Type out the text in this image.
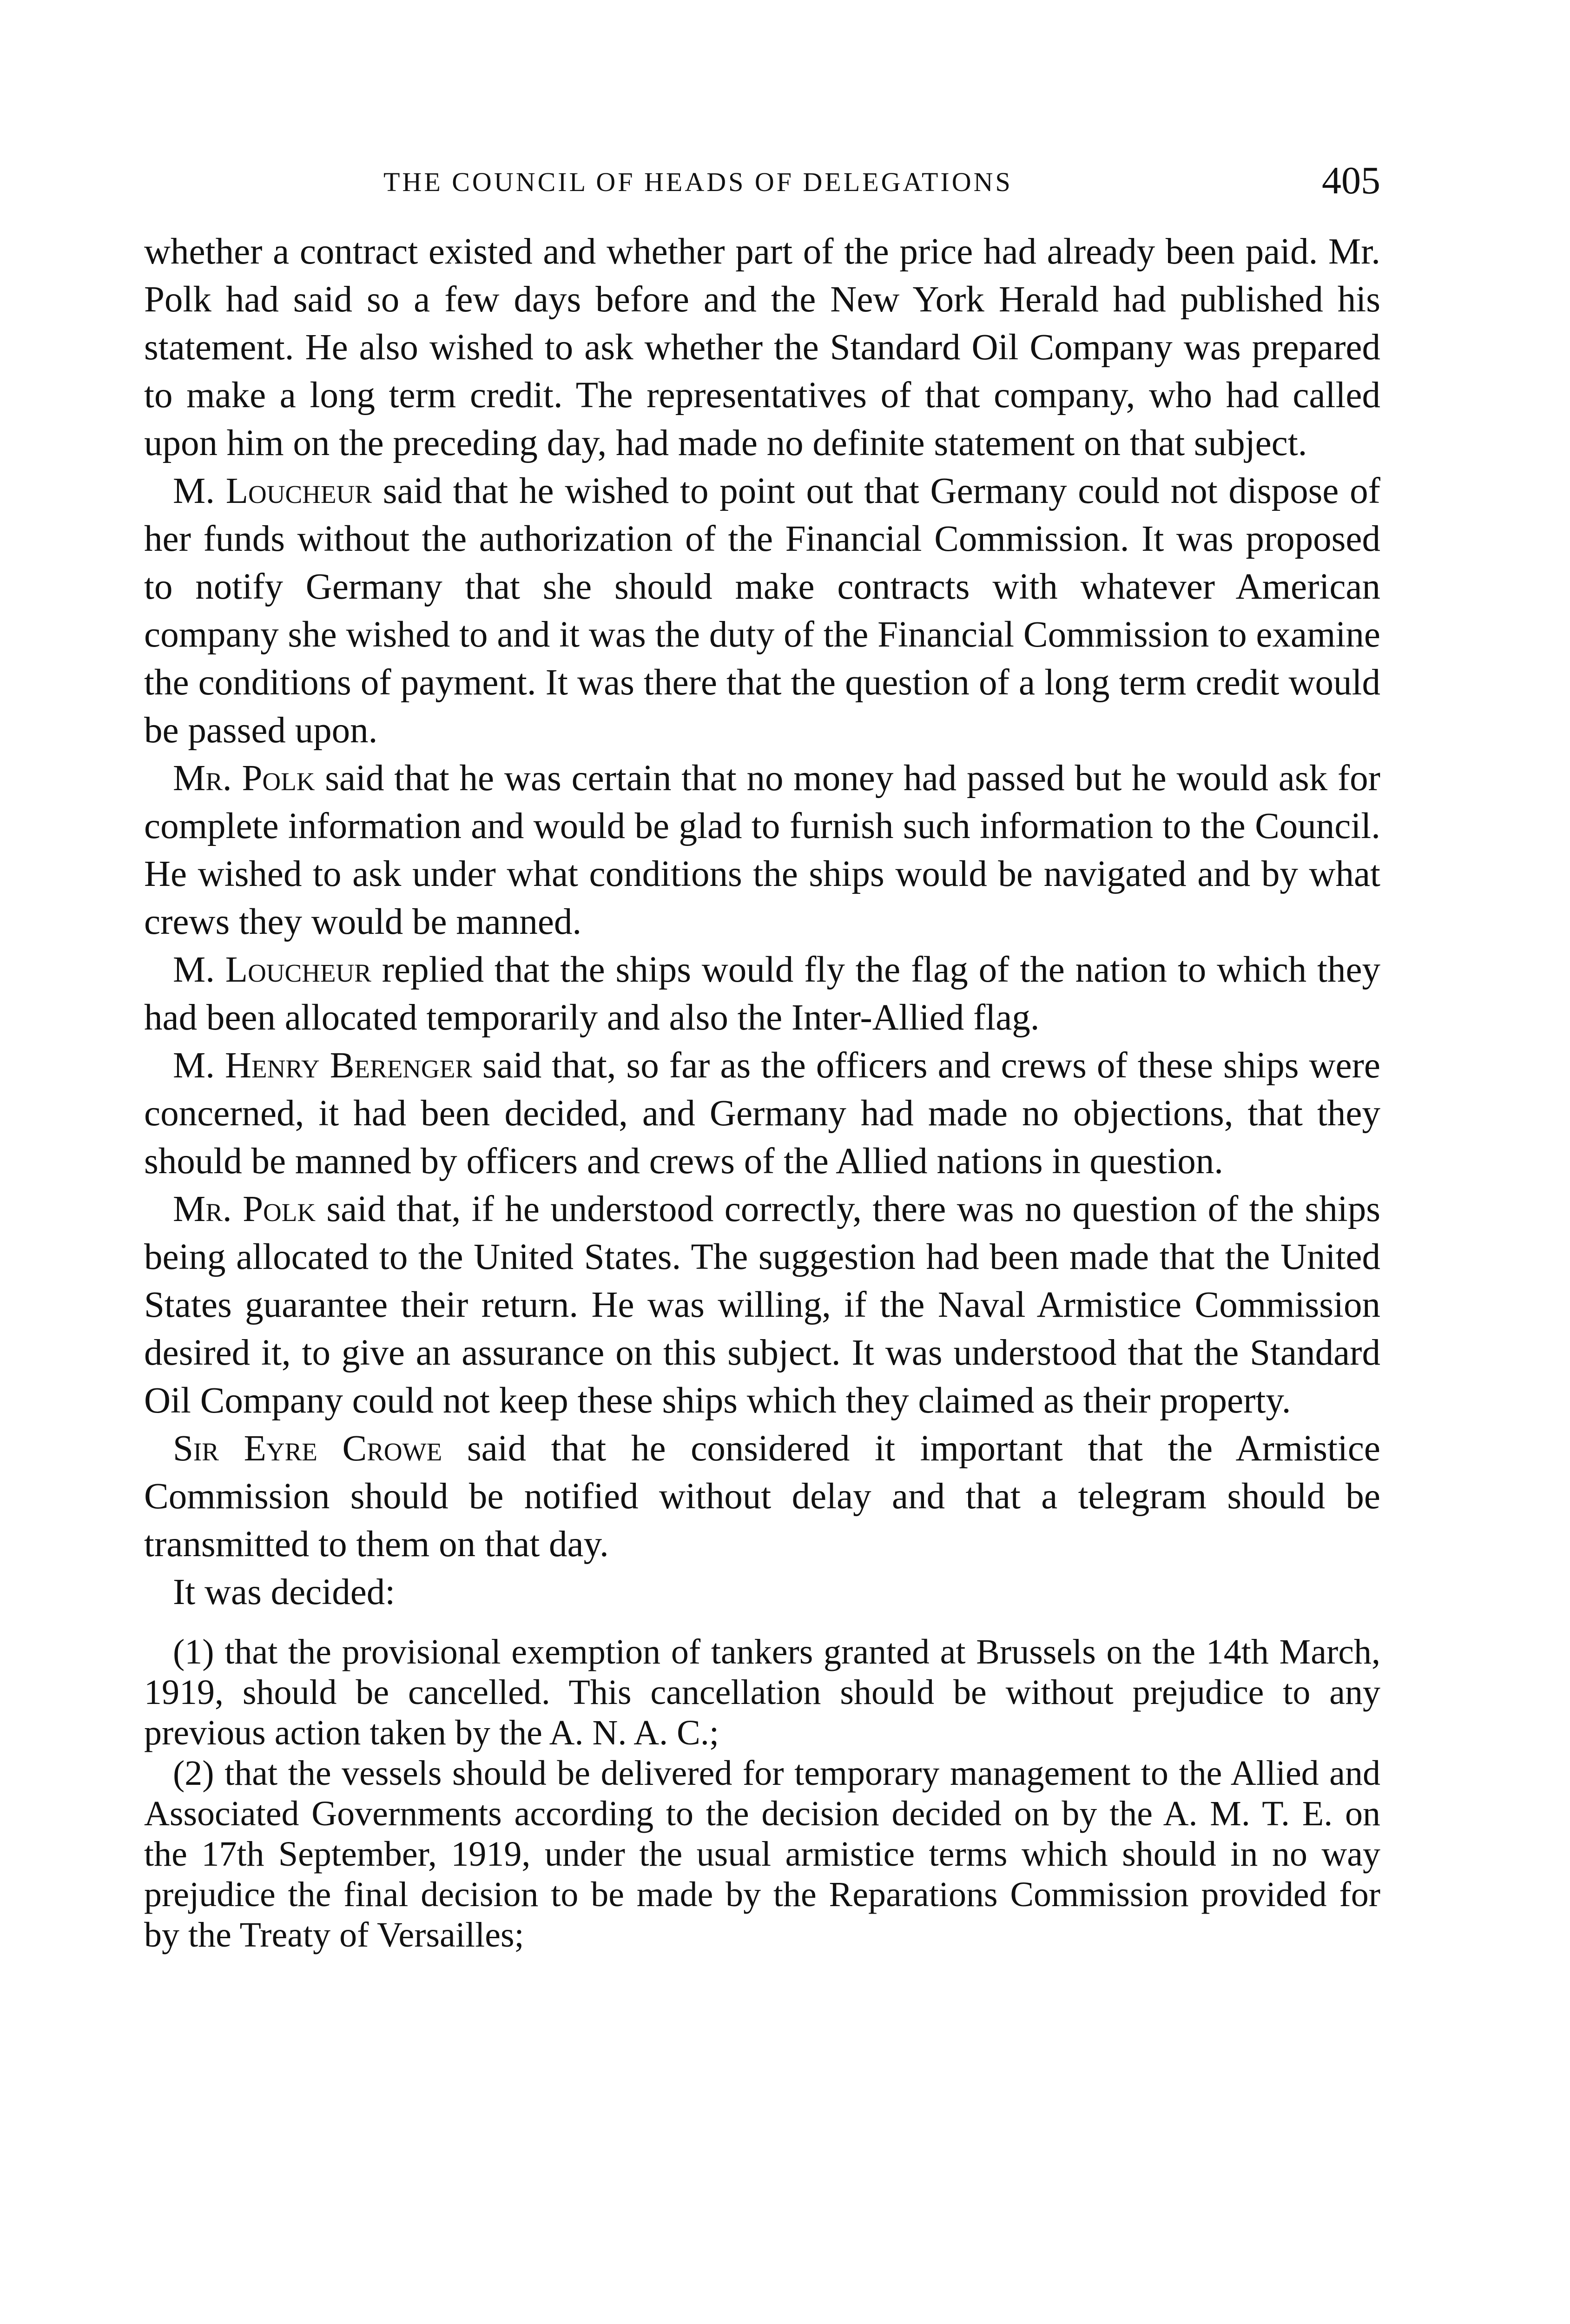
THE COUNCIL OF HEADS OF DELEGATIONS	405

whether a contract existed and whether part of the price had already been paid. Mr. Polk had said so a few days before and the New York Herald had published his statement. He also wished to ask whether the Standard Oil Company was prepared to make a long term credit. The representatives of that company, who had called upon him on the preceding day, had made no definite statement on that subject.

M. Loucheur said that he wished to point out that Germany could not dispose of her funds without the authorization of the Financial Commission. It was proposed to notify Germany that she should make contracts with whatever American company she wished to and it was the duty of the Financial Commission to examine the conditions of payment. It was there that the question of a long term credit would be passed upon.

Mr. Polk said that he was certain that no money had passed but he would ask for complete information and would be glad to furnish such information to the Council. He wished to ask under what conditions the ships would be navigated and by what crews they would be manned.

M. Loucheur replied that the ships would fly the flag of the nation to which they had been allocated temporarily and also the Inter-Allied flag.

M. Henry Berenger said that, so far as the officers and crews of these ships were concerned, it had been decided, and Germany had made no objections, that they should be manned by officers and crews of the Allied nations in question.

Mr. Polk said that, if he understood correctly, there was no question of the ships being allocated to the United States. The suggestion had been made that the United States guarantee their return. He was willing, if the Naval Armistice Commission desired it, to give an assurance on this subject. It was understood that the Standard Oil Company could not keep these ships which they claimed as their property.

Sir Eyre Crowe said that he considered it important that the Armistice Commission should be notified without delay and that a telegram should be transmitted to them on that day.

It was decided:

(1) that the provisional exemption of tankers granted at Brussels on the 14th March, 1919, should be cancelled. This cancellation should be without prejudice to any previous action taken by the A. N. A. C.;

(2) that the vessels should be delivered for temporary management to the Allied and Associated Governments according to the decision decided on by the A. M. T. E. on the 17th September, 1919, under the usual armistice terms which should in no way prejudice the final decision to be made by the Reparations Commission provided for by the Treaty of Versailles;
